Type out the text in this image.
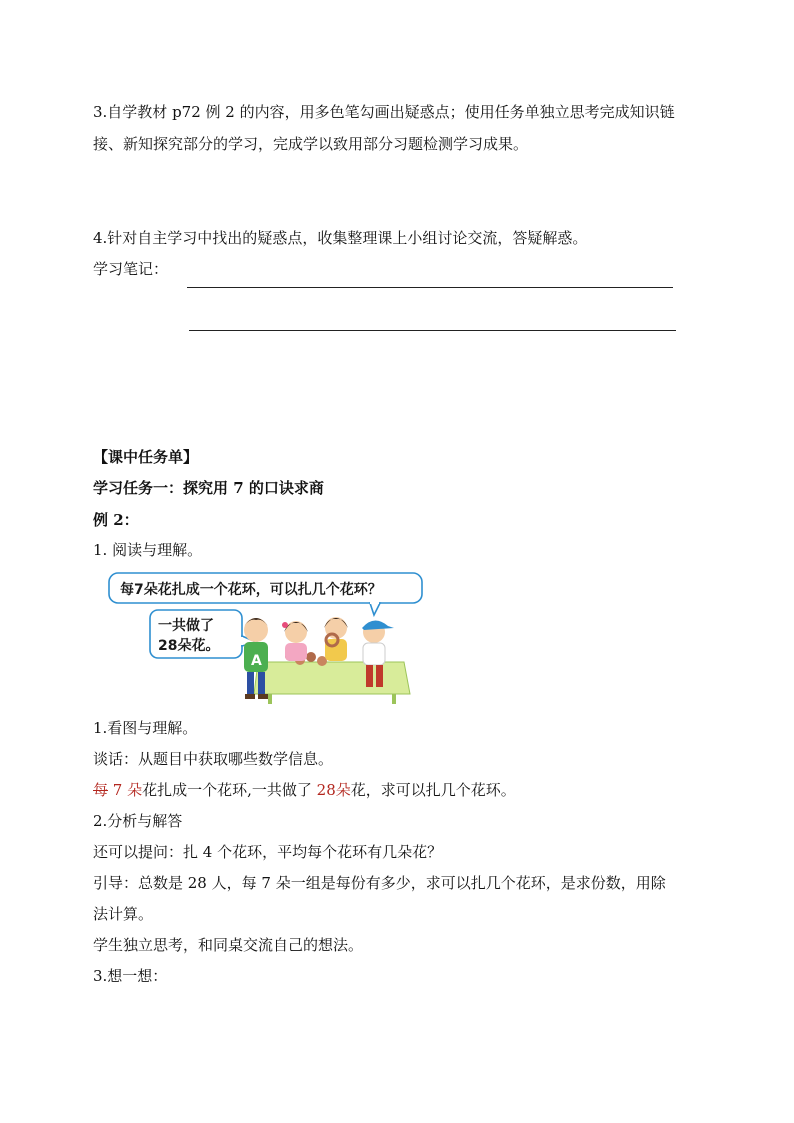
3.自学教材 p72 例 2 的内容，用多色笔勾画出疑惑点；使用任务单独立思考完成知识链
接、新知探究部分的学习，完成学以致用部分习题检测学习成果。
4.针对自主学习中找出的疑惑点，收集整理课上小组讨论交流，答疑解惑。
学习笔记：
【课中任务单】
学习任务一：探究用 7 的口诀求商
例 2：
1. 阅读与理解。
每7朵花扎成一个花环，可以扎几个花环？
一共做了
28朵花。
A
1.看图与理解。
谈话：从题目中获取哪些数学信息。
每 7 朵花扎成一个花环,一共做了 28朵花，求可以扎几个花环。
2.分析与解答
还可以提问：扎 4 个花环，平均每个花环有几朵花？
引导：总数是 28 人，每 7 朵一组是每份有多少，求可以扎几个花环，是求份数，用除
法计算。
学生独立思考，和同桌交流自己的想法。
3.想一想：
